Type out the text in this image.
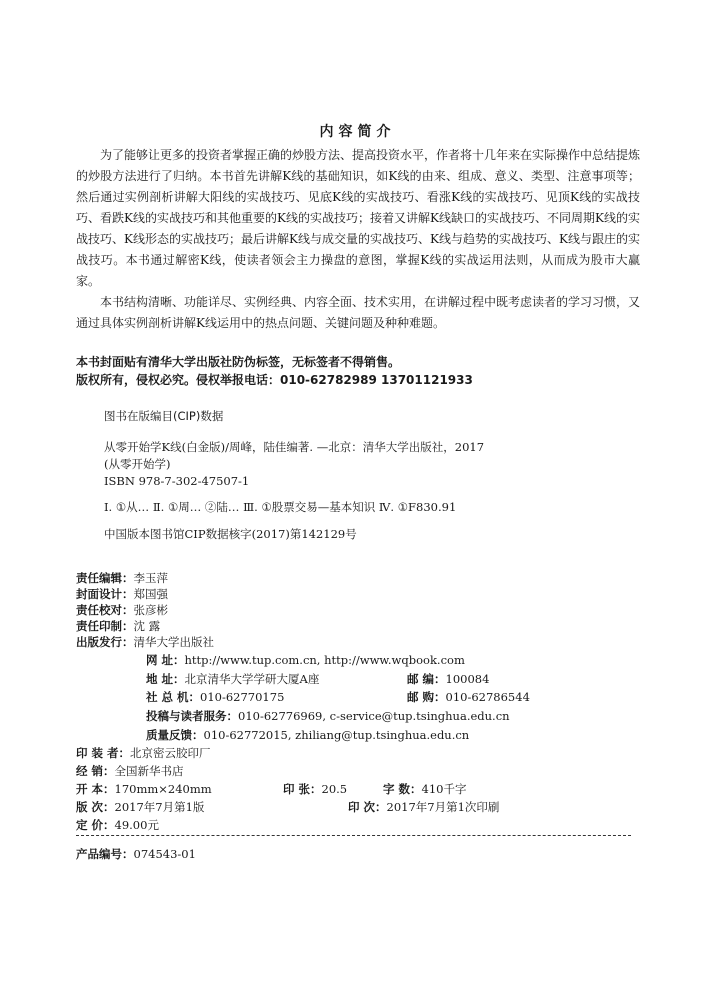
内容简介

为了能够让更多的投资者掌握正确的炒股方法、提高投资水平，作者将十几年来在实际操作中总结提炼的炒股方法进行了归纳。本书首先讲解K线的基础知识，如K线的由来、组成、意义、类型、注意事项等；然后通过实例剖析讲解大阳线的实战技巧、见底K线的实战技巧、看涨K线的实战技巧、见顶K线的实战技巧、看跌K线的实战技巧和其他重要的K线的实战技巧；接着又讲解K线缺口的实战技巧、不同周期K线的实战技巧、K线形态的实战技巧；最后讲解K线与成交量的实战技巧、K线与趋势的实战技巧、K线与跟庄的实战技巧。本书通过解密K线，使读者领会主力操盘的意图，掌握K线的实战运用法则，从而成为股市大赢家。

本书结构清晰、功能详尽、实例经典、内容全面、技术实用，在讲解过程中既考虑读者的学习习惯，又通过具体实例剖析讲解K线运用中的热点问题、关键问题及种种难题。

本书封面贴有清华大学出版社防伪标签，无标签者不得销售。
版权所有，侵权必究。侵权举报电话：010-62782989 13701121933
图书在版编目(CIP)数据
从零开始学K线(白金版)/周峰，陆佳编著. —北京：清华大学出版社，2017
(从零开始学)
ISBN 978-7-302-47507-1
Ⅰ. ①从… Ⅱ. ①周… ②陆… Ⅲ. ①股票交易—基本知识 Ⅳ. ①F830.91
中国版本图书馆CIP数据核字(2017)第142129号
责任编辑：李玉萍
封面设计：郑国强
责任校对：张彦彬
责任印制：沈 露
出版发行：清华大学出版社
网 址：http://www.tup.com.cn, http://www.wqbook.com
地 址：北京清华大学学研大厦A座	邮 编：100084
社 总 机：010-62770175	邮 购：010-62786544
投稿与读者服务：010-62776969, c-service@tup.tsinghua.edu.cn
质量反馈：010-62772015, zhiliang@tup.tsinghua.edu.cn
印 装 者：北京密云胶印厂
经 销：全国新华书店
开 本：170mm×240mm	印 张：20.5	字 数：410千字
版 次：2017年7月第1版	印 次：2017年7月第1次印刷
定 价：49.00元
产品编号：074543-01
